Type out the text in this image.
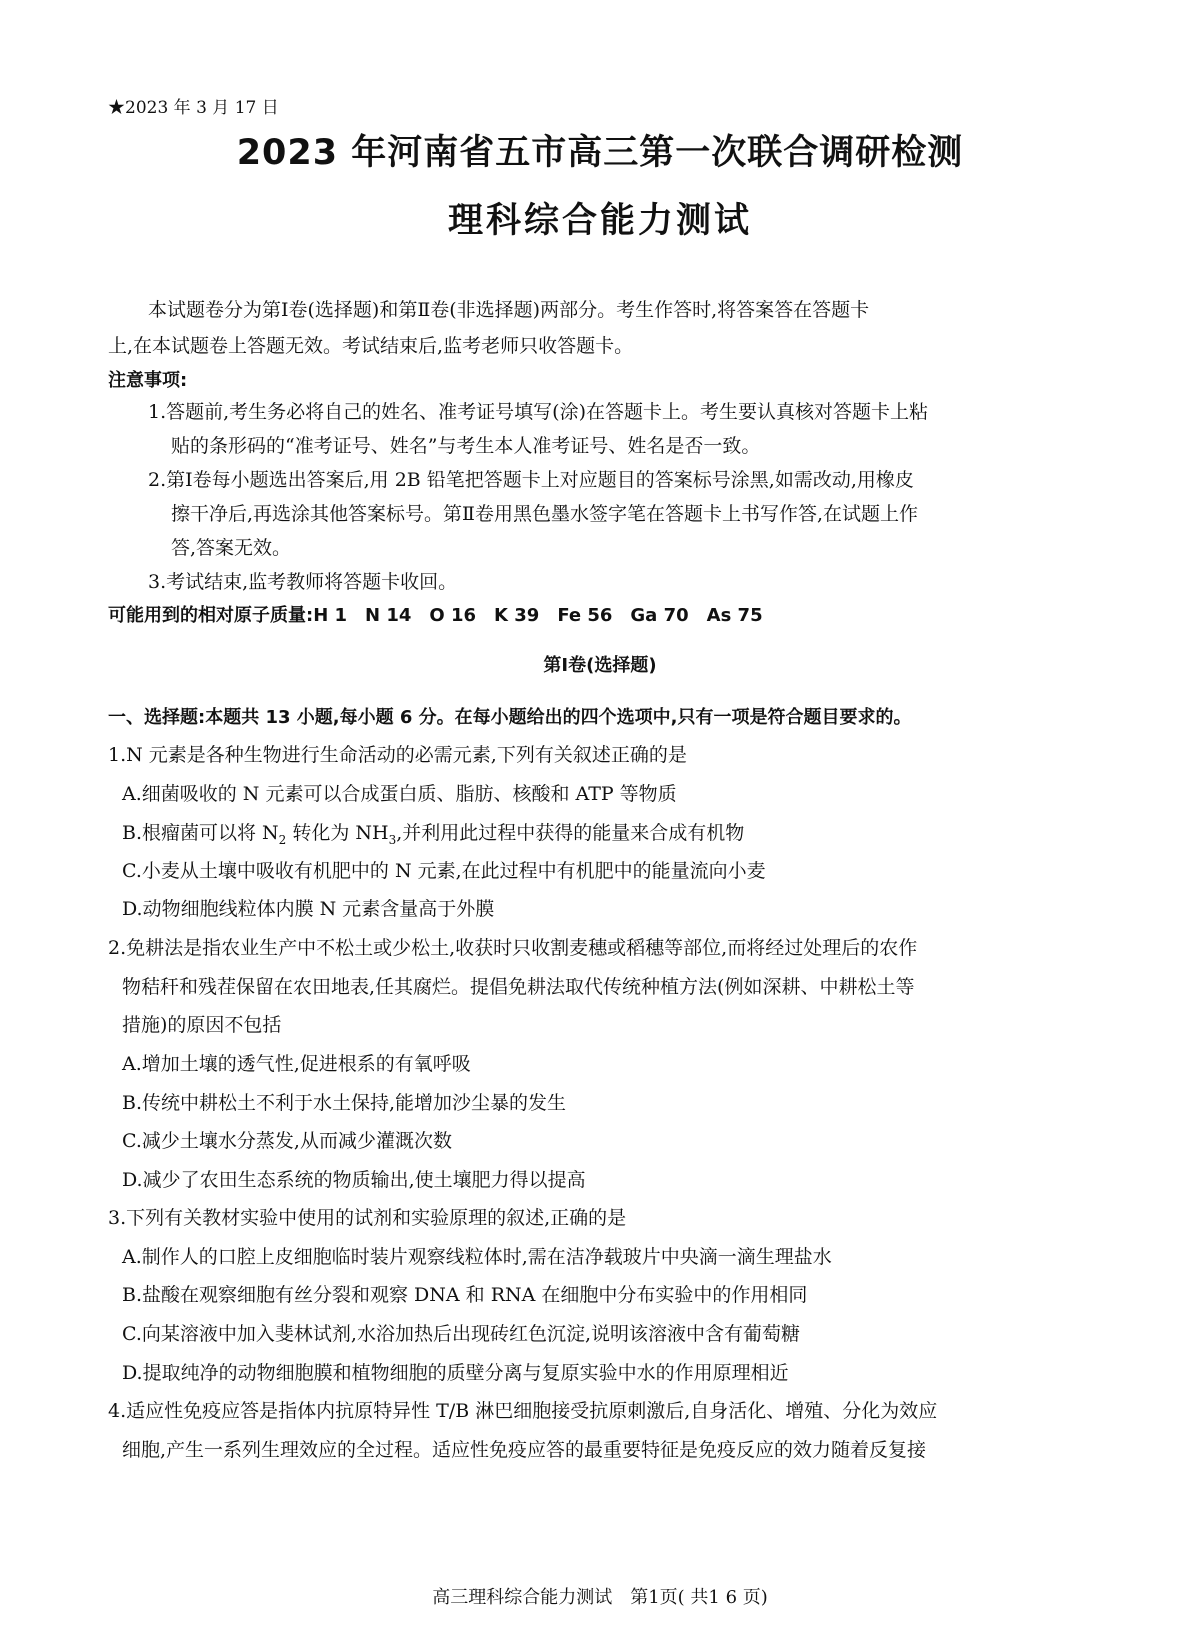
★2023 年 3 月 17 日
2023 年河南省五市高三第一次联合调研检测
理科综合能力测试
本试题卷分为第Ⅰ卷(选择题)和第Ⅱ卷(非选择题)两部分。考生作答时,将答案答在答题卡
上,在本试题卷上答题无效。考试结束后,监考老师只收答题卡。
注意事项:
1.答题前,考生务必将自己的姓名、准考证号填写(涂)在答题卡上。考生要认真核对答题卡上粘
贴的条形码的“准考证号、姓名”与考生本人准考证号、姓名是否一致。
2.第Ⅰ卷每小题选出答案后,用 2B 铅笔把答题卡上对应题目的答案标号涂黑,如需改动,用橡皮
擦干净后,再选涂其他答案标号。第Ⅱ卷用黑色墨水签字笔在答题卡上书写作答,在试题上作
答,答案无效。
3.考试结束,监考教师将答题卡收回。
可能用到的相对原子质量:H 1　N 14　O 16　K 39　Fe 56　Ga 70　As 75
第Ⅰ卷(选择题)
一、选择题:本题共 13 小题,每小题 6 分。在每小题给出的四个选项中,只有一项是符合题目要求的。
1.N 元素是各种生物进行生命活动的必需元素,下列有关叙述正确的是
A.细菌吸收的 N 元素可以合成蛋白质、脂肪、核酸和 ATP 等物质
B.根瘤菌可以将 $N_2$ 转化为 $NH_3$,并利用此过程中获得的能量来合成有机物
C.小麦从土壤中吸收有机肥中的 N 元素,在此过程中有机肥中的能量流向小麦
D.动物细胞线粒体内膜 N 元素含量高于外膜
2.免耕法是指农业生产中不松土或少松土,收获时只收割麦穗或稻穗等部位,而将经过处理后的农作
物秸秆和残茬保留在农田地表,任其腐烂。提倡免耕法取代传统种植方法(例如深耕、中耕松土等
措施)的原因不包括
A.增加土壤的透气性,促进根系的有氧呼吸
B.传统中耕松土不利于水土保持,能增加沙尘暴的发生
C.减少土壤水分蒸发,从而减少灌溉次数
D.减少了农田生态系统的物质输出,使土壤肥力得以提高
3.下列有关教材实验中使用的试剂和实验原理的叙述,正确的是
A.制作人的口腔上皮细胞临时装片观察线粒体时,需在洁净载玻片中央滴一滴生理盐水
B.盐酸在观察细胞有丝分裂和观察 DNA 和 RNA 在细胞中分布实验中的作用相同
C.向某溶液中加入斐林试剂,水浴加热后出现砖红色沉淀,说明该溶液中含有葡萄糖
D.提取纯净的动物细胞膜和植物细胞的质壁分离与复原实验中水的作用原理相近
4.适应性免疫应答是指体内抗原特异性 T/B 淋巴细胞接受抗原刺激后,自身活化、增殖、分化为效应
细胞,产生一系列生理效应的全过程。适应性免疫应答的最重要特征是免疫反应的效力随着反复接
高三理科综合能力测试　第1页( 共1 6 页)
